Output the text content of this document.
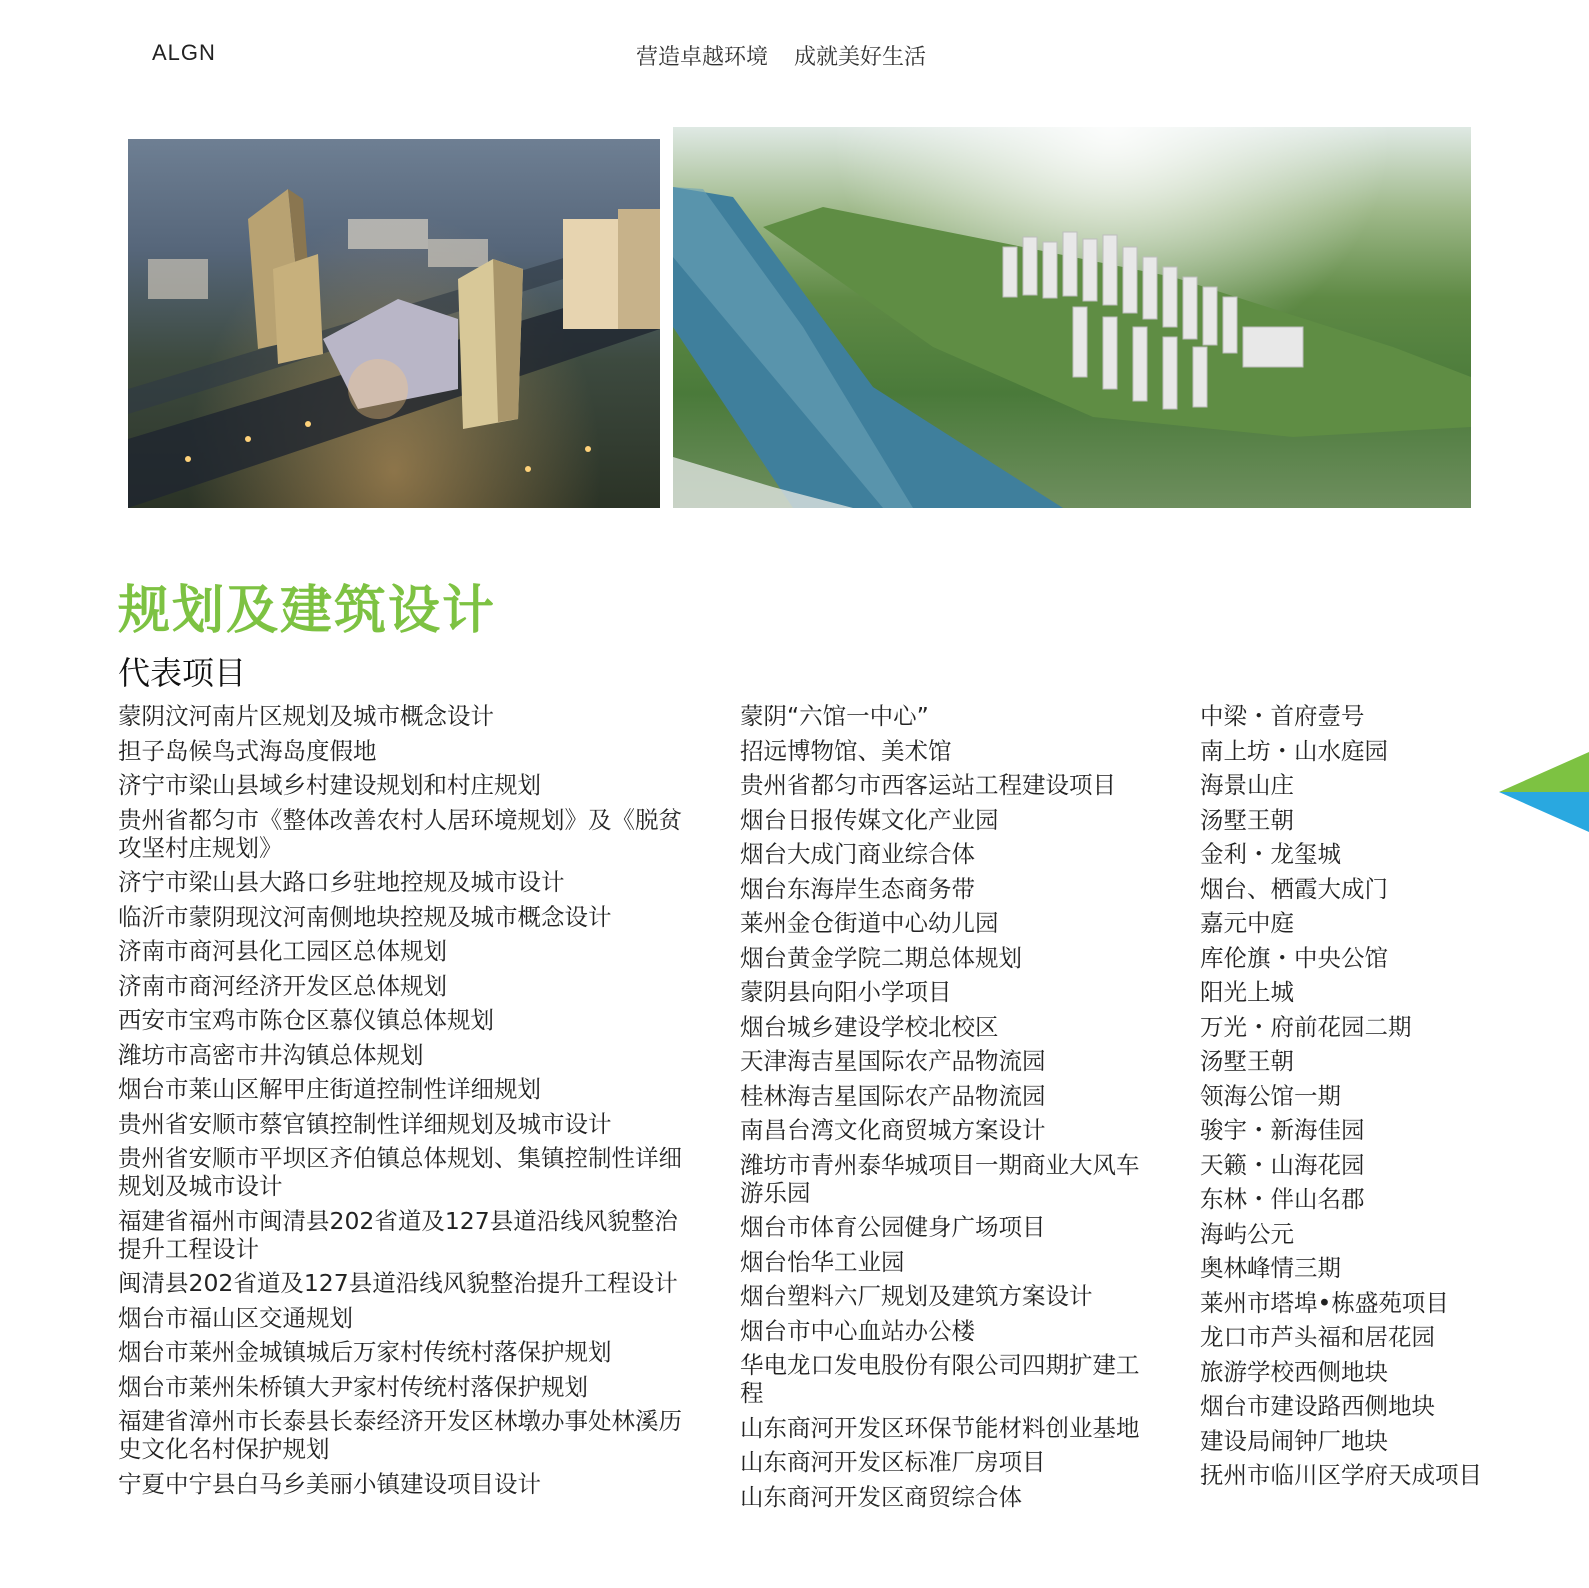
ALGN	营造卓越环境 成就美好生活
规划及建筑设计
代表项目
蒙阴汶河南片区规划及城市概念设计
担子岛候鸟式海岛度假地
济宁市梁山县域乡村建设规划和村庄规划
贵州省都匀市《整体改善农村人居环境规划》及《脱贫攻坚村庄规划》
济宁市梁山县大路口乡驻地控规及城市设计
临沂市蒙阴现汶河南侧地块控规及城市概念设计
济南市商河县化工园区总体规划
济南市商河经济开发区总体规划
西安市宝鸡市陈仓区慕仪镇总体规划
潍坊市高密市井沟镇总体规划
烟台市莱山区解甲庄街道控制性详细规划
贵州省安顺市蔡官镇控制性详细规划及城市设计
贵州省安顺市平坝区齐伯镇总体规划、集镇控制性详细规划及城市设计
福建省福州市闽清县202省道及127县道沿线风貌整治提升工程设计
闽清县202省道及127县道沿线风貌整治提升工程设计
烟台市福山区交通规划
烟台市莱州金城镇城后万家村传统村落保护规划
烟台市莱州朱桥镇大尹家村传统村落保护规划
福建省漳州市长泰县长泰经济开发区林墩办事处林溪历史文化名村保护规划
宁夏中宁县白马乡美丽小镇建设项目设计
蒙阴“六馆一中心”
招远博物馆、美术馆
贵州省都匀市西客运站工程建设项目
烟台日报传媒文化产业园
烟台大成门商业综合体
烟台东海岸生态商务带
莱州金仓街道中心幼儿园
烟台黄金学院二期总体规划
蒙阴县向阳小学项目
烟台城乡建设学校北校区
天津海吉星国际农产品物流园
桂林海吉星国际农产品物流园
南昌台湾文化商贸城方案设计
潍坊市青州泰华城项目一期商业大风车游乐园
烟台市体育公园健身广场项目
烟台怡华工业园
烟台塑料六厂规划及建筑方案设计
烟台市中心血站办公楼
华电龙口发电股份有限公司四期扩建工程
山东商河开发区环保节能材料创业基地
山东商河开发区标准厂房项目
山东商河开发区商贸综合体
中梁・首府壹号
南上坊・山水庭园
海景山庄
汤墅王朝
金利・龙玺城
烟台、栖霞大成门
嘉元中庭
库伦旗・中央公馆
阳光上城
万光・府前花园二期
汤墅王朝
领海公馆一期
骏宇・新海佳园
天籁・山海花园
东林・伴山名郡
海屿公元
奥林峰情三期
莱州市塔埠•栋盛苑项目
龙口市芦头福和居花园
旅游学校西侧地块
烟台市建设路西侧地块
建设局闹钟厂地块
抚州市临川区学府天成项目
